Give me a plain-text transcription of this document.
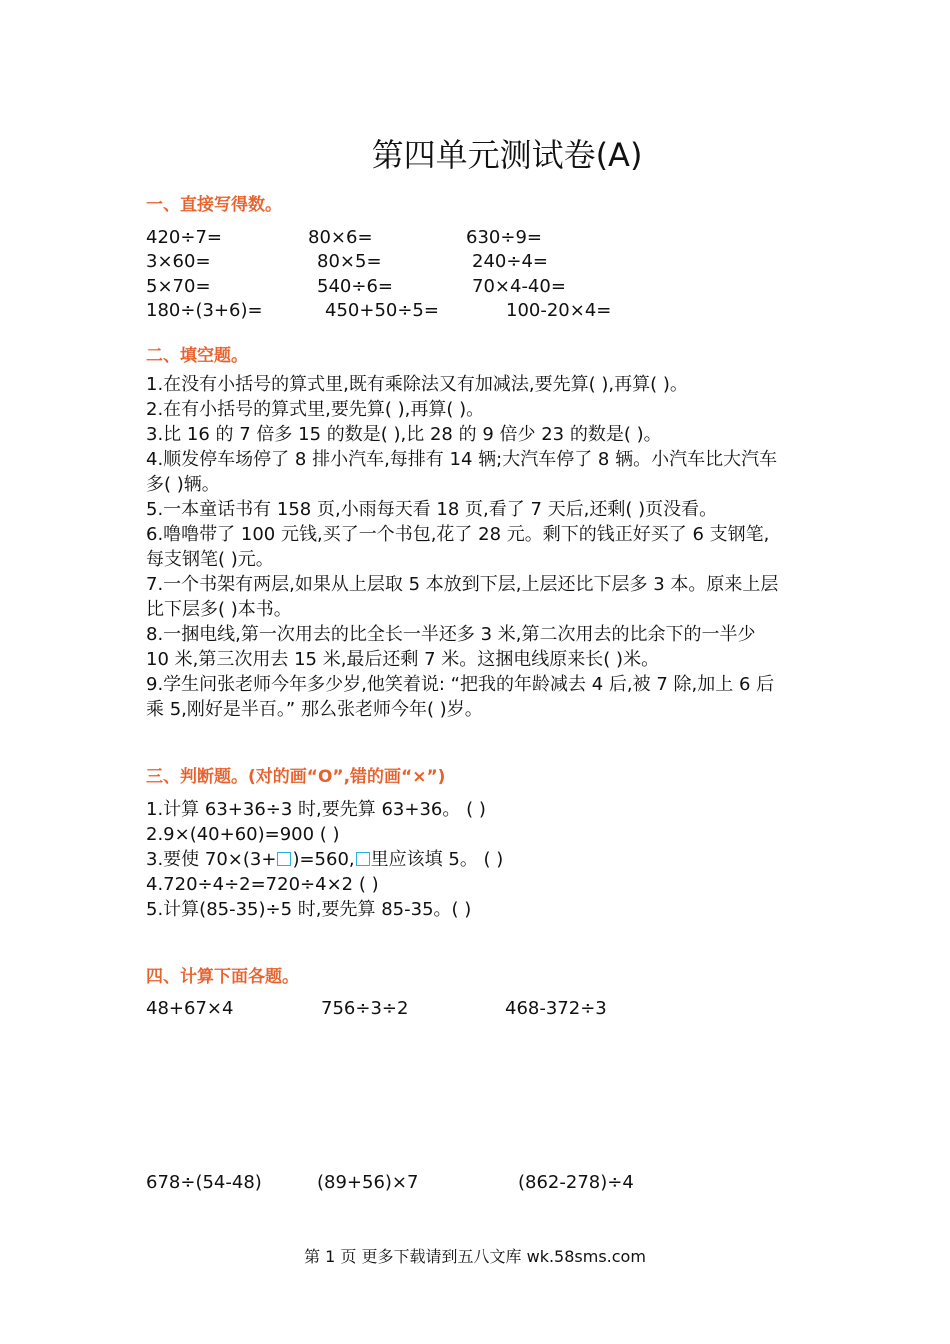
第四单元测试卷(A)
一、直接写得数。
420÷7=	80×6=	630÷9=
3×60=	80×5=	240÷4=
5×70=	540÷6=	70×4-40=
180÷(3+6)=	450+50÷5=	100-20×4=
二、填空题。
1.在没有小括号的算式里,既有乘除法又有加减法,要先算( ),再算( )。
2.在有小括号的算式里,要先算( ),再算( )。
3.比 16 的 7 倍多 15 的数是( ),比 28 的 9 倍少 23 的数是( )。
4.顺发停车场停了 8 排小汽车,每排有 14 辆;大汽车停了 8 辆。小汽车比大汽车
多( )辆。
5.一本童话书有 158 页,小雨每天看 18 页,看了 7 天后,还剩( )页没看。
6.噜噜带了 100 元钱,买了一个书包,花了 28 元。剩下的钱正好买了 6 支钢笔,
每支钢笔( )元。
7.一个书架有两层,如果从上层取 5 本放到下层,上层还比下层多 3 本。原来上层
比下层多( )本书。
8.一捆电线,第一次用去的比全长一半还多 3 米,第二次用去的比余下的一半少
10 米,第三次用去 15 米,最后还剩 7 米。这捆电线原来长( )米。
9.学生问张老师今年多少岁,他笑着说: “把我的年龄减去 4 后,被 7 除,加上 6 后
乘 5,刚好是半百。” 那么张老师今年( )岁。
三、判断题。(对的画“O”,错的画“×”)
1.计算 63+36÷3 时,要先算 63+36。 ( )
2.9×(40+60)=900 ( )
3.要使 70×(3+ )=560, 里应该填 5。 ( )
4.720÷4÷2=720÷4×2 ( )
5.计算(85-35)÷5 时,要先算 85-35。( )
四、计算下面各题。
48+67×4	756÷3÷2	468-372÷3
678÷(54-48)	(89+56)×7	(862-278)÷4
第 1 页 更多下载请到五八文库 wk.58sms.com
